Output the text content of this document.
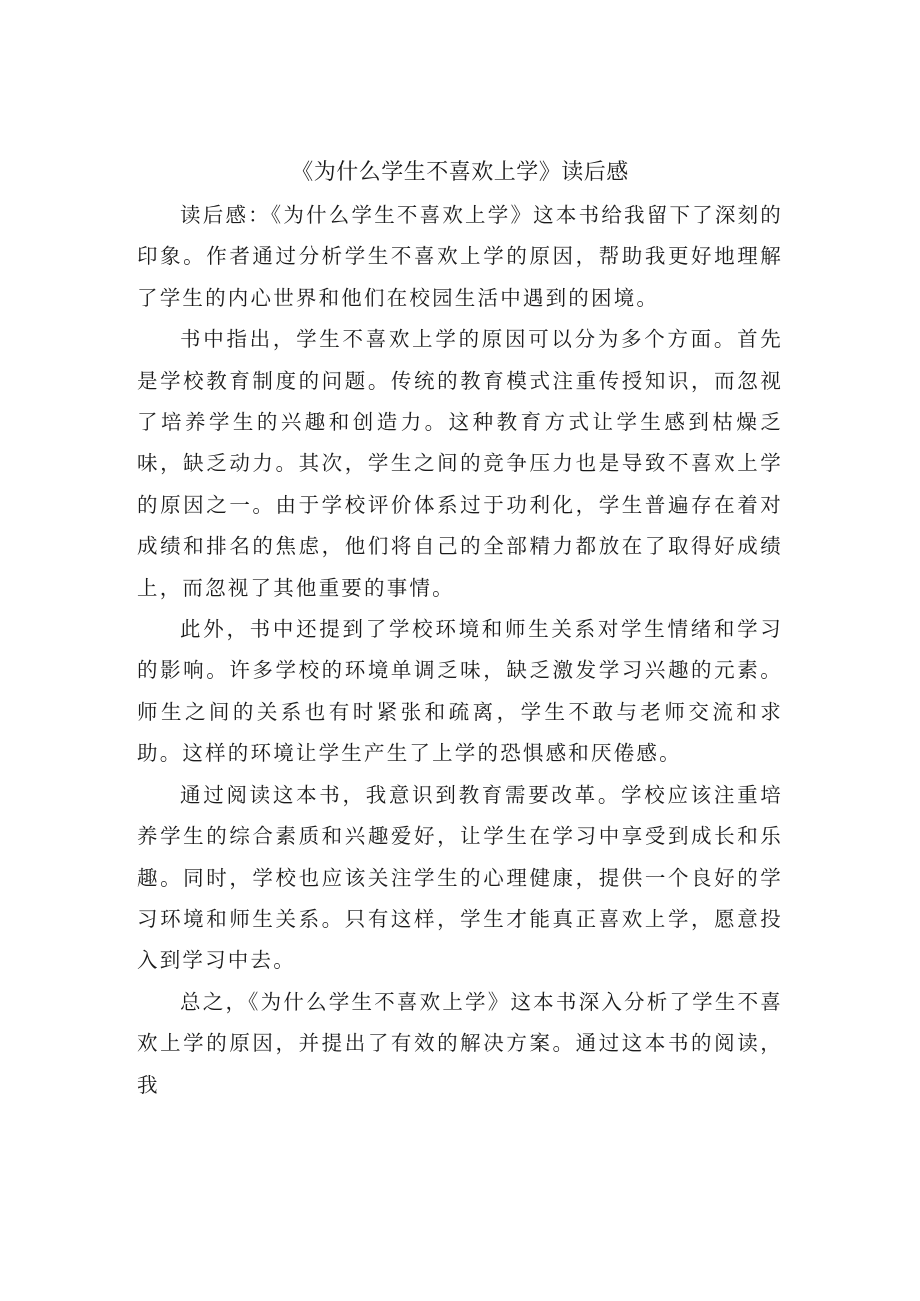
《为什么学生不喜欢上学》读后感

读后感：《为什么学生不喜欢上学》这本书给我留下了深刻的印象。作者通过分析学生不喜欢上学的原因，帮助我更好地理解了学生的内心世界和他们在校园生活中遇到的困境。

书中指出，学生不喜欢上学的原因可以分为多个方面。首先是学校教育制度的问题。传统的教育模式注重传授知识，而忽视了培养学生的兴趣和创造力。这种教育方式让学生感到枯燥乏味，缺乏动力。其次，学生之间的竞争压力也是导致不喜欢上学的原因之一。由于学校评价体系过于功利化，学生普遍存在着对成绩和排名的焦虑，他们将自己的全部精力都放在了取得好成绩上，而忽视了其他重要的事情。

此外，书中还提到了学校环境和师生关系对学生情绪和学习的影响。许多学校的环境单调乏味，缺乏激发学习兴趣的元素。师生之间的关系也有时紧张和疏离，学生不敢与老师交流和求助。这样的环境让学生产生了上学的恐惧感和厌倦感。

通过阅读这本书，我意识到教育需要改革。学校应该注重培养学生的综合素质和兴趣爱好，让学生在学习中享受到成长和乐趣。同时，学校也应该关注学生的心理健康，提供一个良好的学习环境和师生关系。只有这样，学生才能真正喜欢上学，愿意投入到学习中去。

总之，《为什么学生不喜欢上学》这本书深入分析了学生不喜欢上学的原因，并提出了有效的解决方案。通过这本书的阅读，我
